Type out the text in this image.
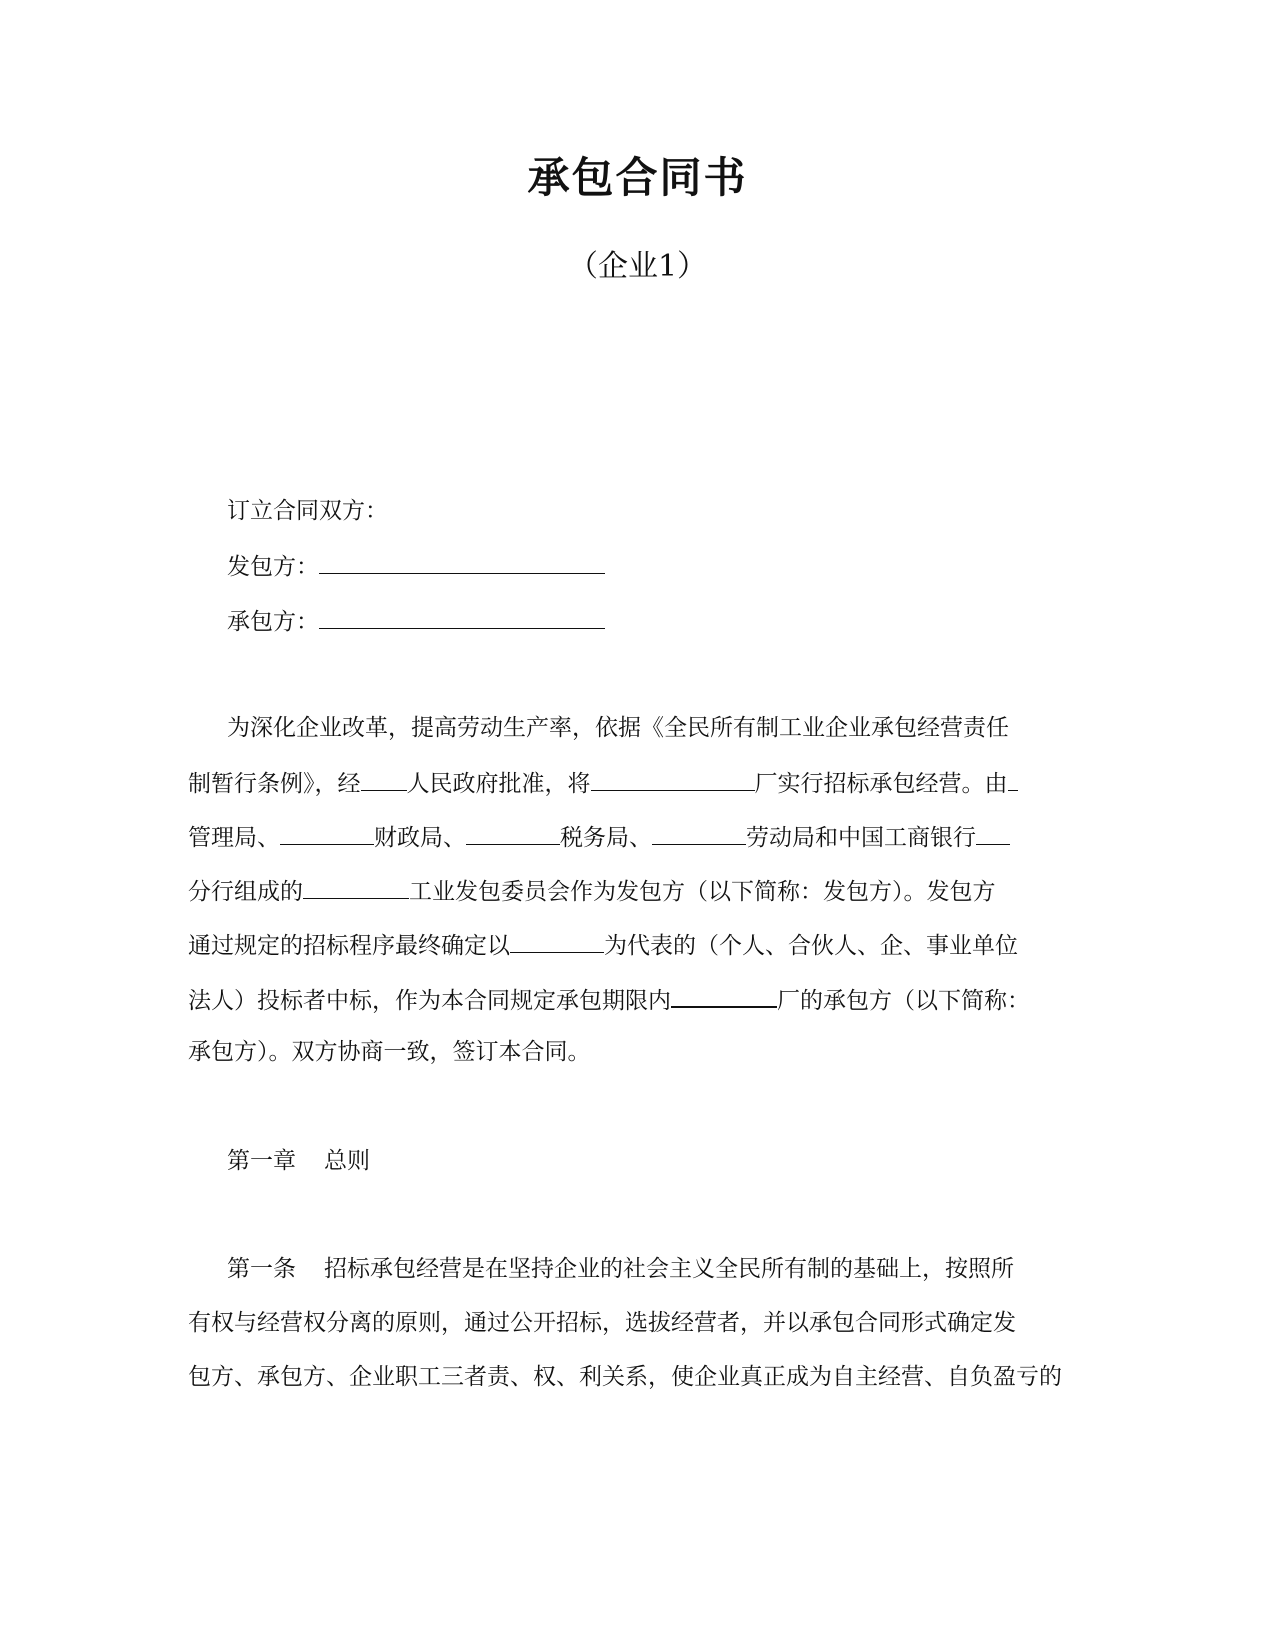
承包合同书
（企业1）
订立合同双方：
发包方：
承包方：
为深化企业改革，提高劳动生产率，依据《全民所有制工业企业承包经营责任
制暂行条例》，经 人民政府批准，将	厂实行招标承包经营。由
管理局、	财政局、	税务局、	劳动局和中国工商银行
分行组成的	工业发包委员会作为发包方（以下简称：发包方）。发包方
通过规定的招标程序最终确定以	为代表的（个人、合伙人、企、事业单位
法人）投标者中标，作为本合同规定承包期限内	厂的承包方（以下简称：
承包方）。双方协商一致，签订本合同。
第一章 总则
第一条 招标承包经营是在坚持企业的社会主义全民所有制的基础上，按照所
有权与经营权分离的原则，通过公开招标，选拔经营者，并以承包合同形式确定发
包方、承包方、企业职工三者责、权、利关系，使企业真正成为自主经营、自负盈亏的
